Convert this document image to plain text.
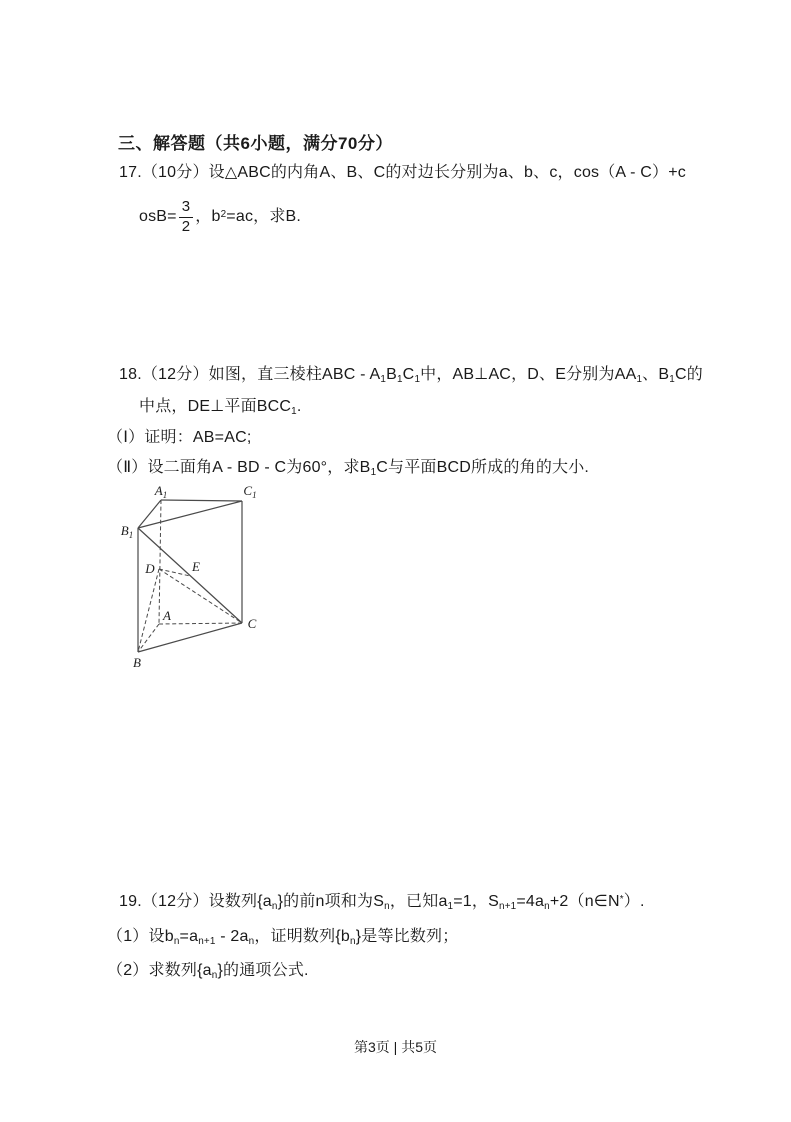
三、解答题（共6小题，满分70分）
17.（10分）设△ABC的内角A、B、C的对边长分别为a、b、c，cos（A - C）+c
$osB= \frac{3}{2}$ ，$b^2=ac$，求B.
18.（12分）如图，直三棱柱ABC - $A_1B_1C_1$中，AB⊥AC，D、E分别为$AA_1$、$B_1C$的
中点，DE⊥平面$BCC_1$.
（Ⅰ）证明：AB=AC;
（Ⅱ）设二面角A - BD - C为60°，求$B_1C$与平面BCD所成的角的大小.
$A_1$	$C_1$
$B_1$
D	E
A
B
C
19.（12分）设数列$\{a_n\}$的前n项和为$S_n$，已知$a_1=1$，$S_{n+1}=4a_n+2(n\in N^*)$.
（1）设$b_n=a_{n+1} - 2a_n$，证明数列$\{b_n\}$是等比数列；
（2）求数列$\{a_n\}$的通项公式.
第3页 | 共5页
